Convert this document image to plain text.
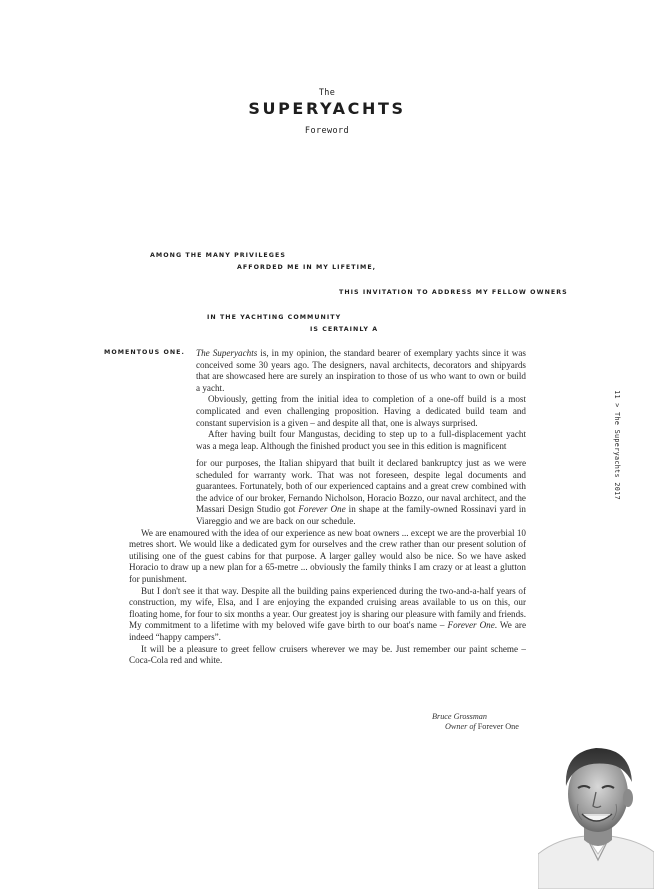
The
SUPERYACHTS
Foreword
AMONG THE MANY PRIVILEGES
AFFORDED ME IN MY LIFETIME,
THIS INVITATION TO ADDRESS MY FELLOW OWNERS
IN THE YACHTING COMMUNITY
IS CERTAINLY A
MOMENTOUS ONE. The Superyachts is, in my opinion, the standard bearer of exemplary yachts since it was conceived some 30 years ago. The designers, naval architects, decorators and shipyards that are showcased here are surely an inspiration to those of us who want to own or build a yacht.

Obviously, getting from the initial idea to completion of a one-off build is a most complicated and even challenging proposition. Having a dedicated build team and constant supervision is a given – and despite all that, one is always surprised.

After having built four Mangustas, deciding to step up to a full-displacement yacht was a mega leap. Although the finished product you see in this edition is magnificent

for our purposes, the Italian shipyard that built it declared bankruptcy just as we were scheduled for warranty work. That was not foreseen, despite legal documents and guarantees. Fortunately, both of our experienced captains and a great crew combined with the advice of our broker, Fernando Nicholson, Horacio Bozzo, our naval architect, and the Massari Design Studio got Forever One in shape at the family-owned Rossinavi yard in Viareggio and we are back on our schedule.

We are enamoured with the idea of our experience as new boat owners ... except we are the proverbial 10 metres short. We would like a dedicated gym for ourselves and the crew rather than our present solution of utilising one of the guest cabins for that purpose. A larger galley would also be nice. So we have asked Horacio to draw up a new plan for a 65-metre ... obviously the family thinks I am crazy or at least a glutton for punishment.

But I don't see it that way. Despite all the building pains experienced during the two-and-a-half years of construction, my wife, Elsa, and I are enjoying the expanded cruising areas available to us on this, our floating home, for four to six months a year. Our greatest joy is sharing our pleasure with family and friends. My commitment to a lifetime with my beloved wife gave birth to our boat's name – Forever One. We are indeed “happy campers”.

It will be a pleasure to greet fellow cruisers wherever we may be. Just remember our paint scheme – Coca-Cola red and white.

Bruce Grossman
Owner of Forever One
11 > The Superyachts 2017
